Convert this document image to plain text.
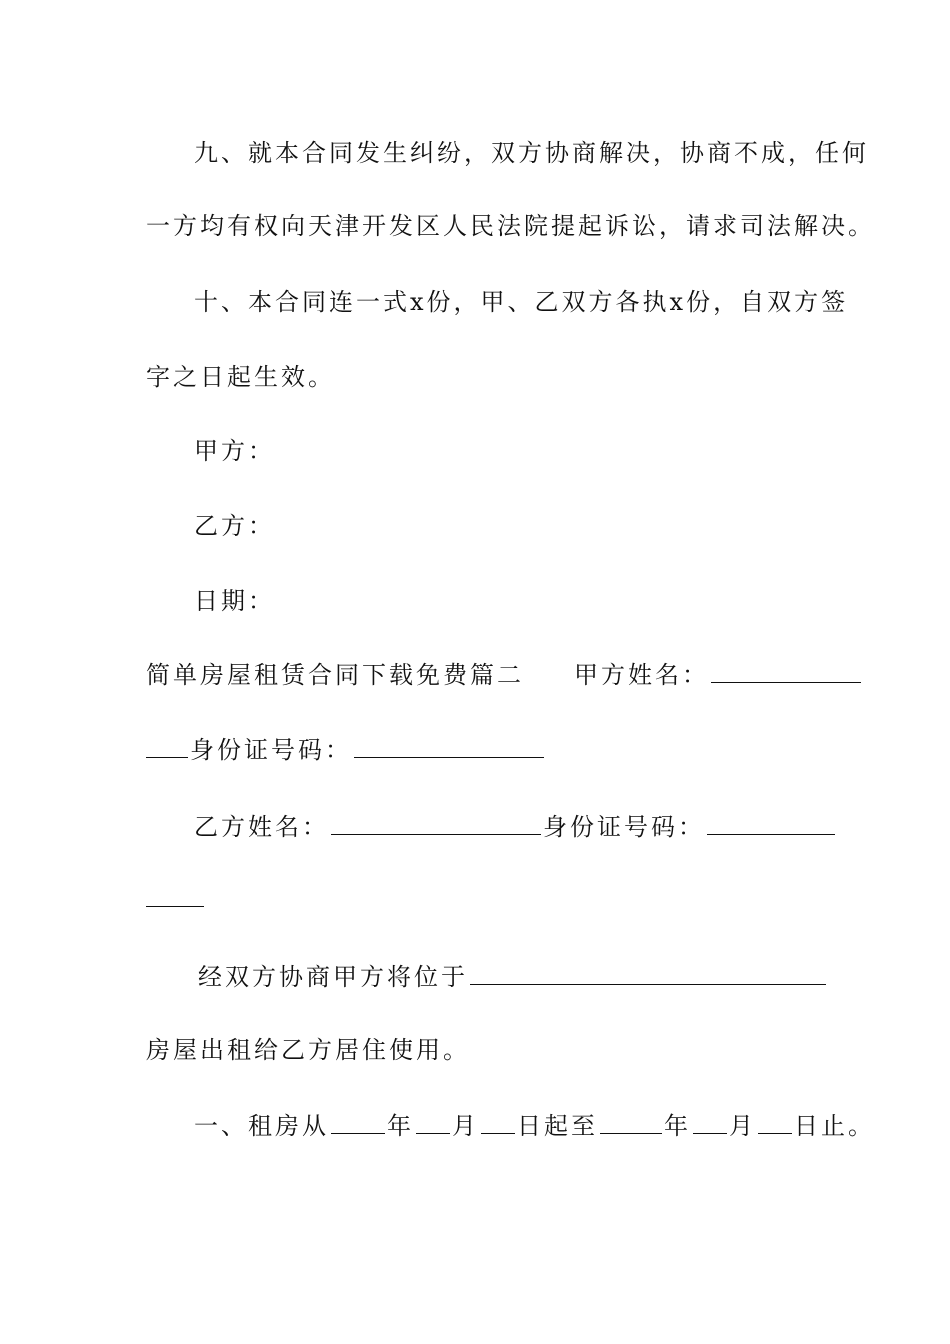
九、就本合同发生纠纷，双方协商解决，协商不成，任何
一方均有权向天津开发区人民法院提起诉讼，请求司法解决。
十、本合同连一式x份，甲、乙双方各执x份，自双方签
字之日起生效。
甲方：
乙方：
日期：
简单房屋租赁合同下载免费篇二 甲方姓名：
身份证号码：
乙方姓名：	身份证号码：
经双方协商甲方将位于
房屋出租给乙方居住使用。
一、租房从 年 月 日起至	年 月 日止。
